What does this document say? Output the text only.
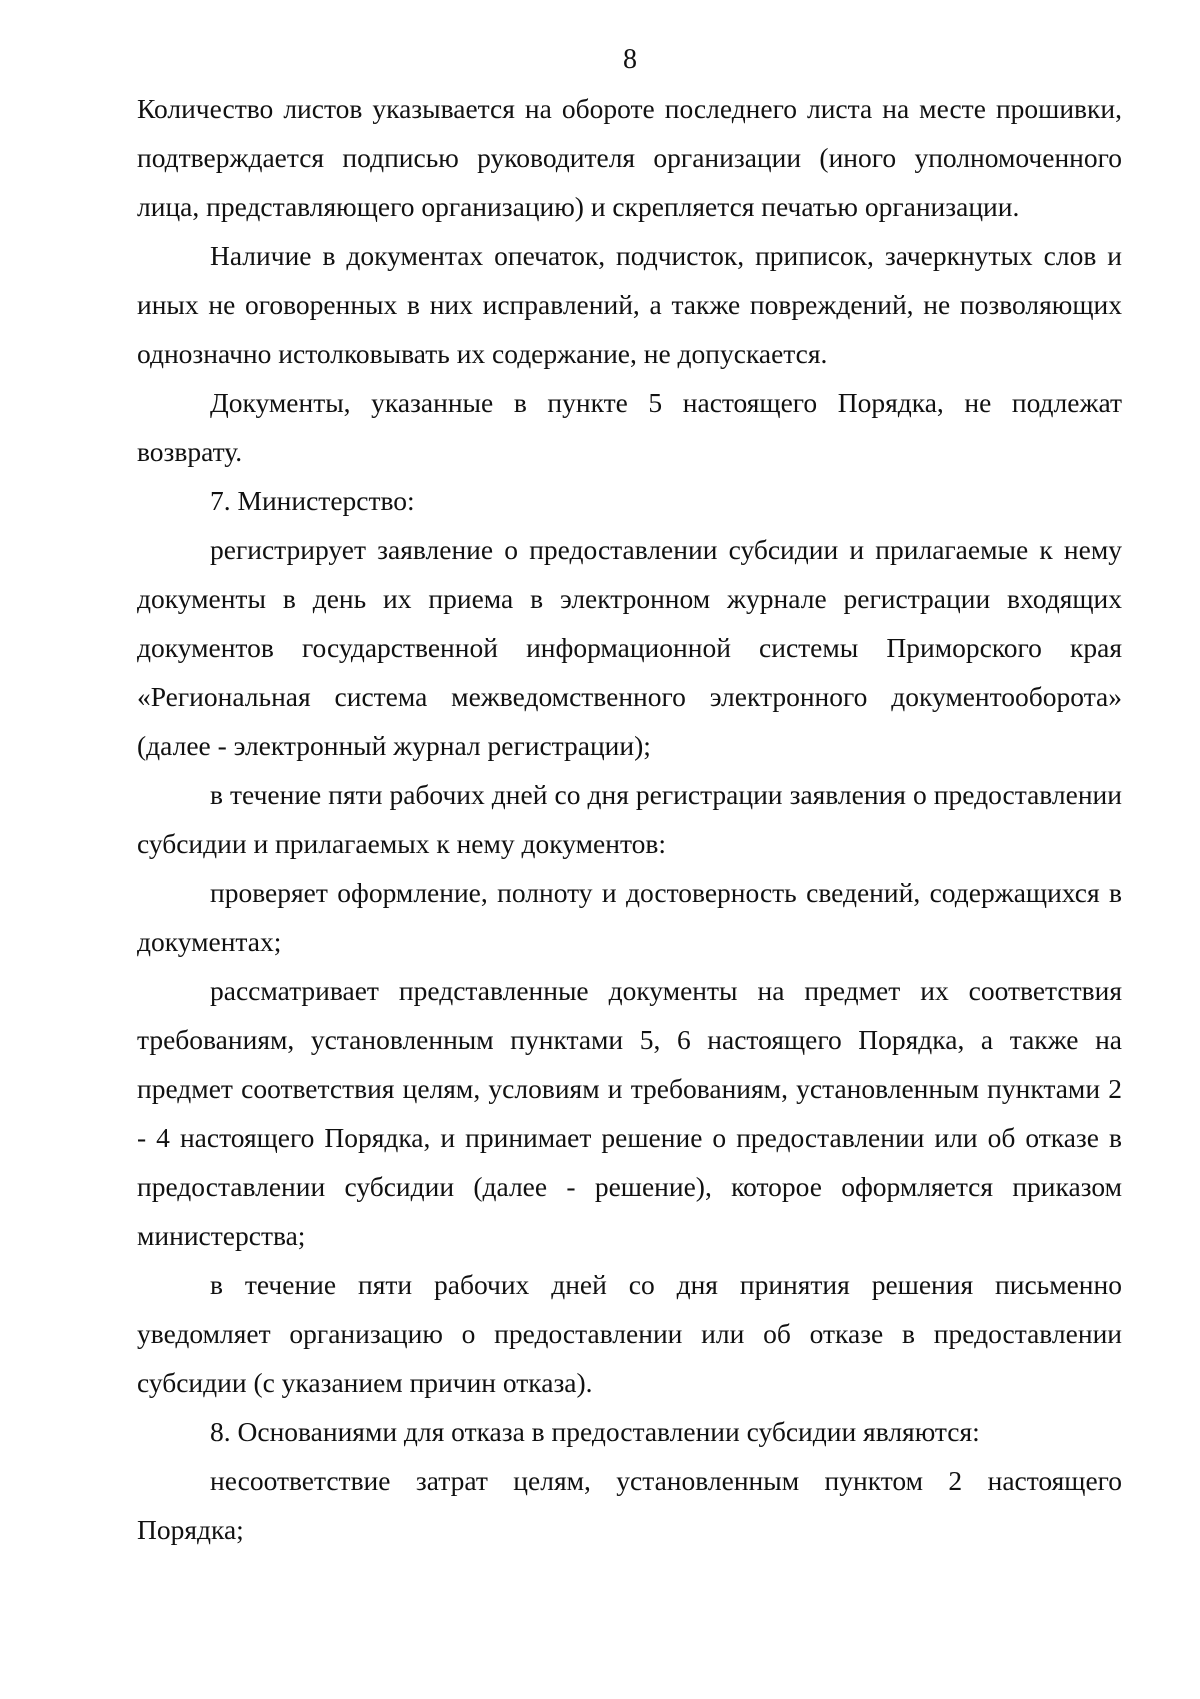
8

Количество листов указывается на обороте последнего листа на месте прошивки, подтверждается подписью руководителя организации (иного уполномоченного лица, представляющего организацию) и скрепляется печатью организации.

Наличие в документах опечаток, подчисток, приписок, зачеркнутых слов и иных не оговоренных в них исправлений, а также повреждений, не позволяющих однозначно истолковывать их содержание, не допускается.

Документы, указанные в пункте 5 настоящего Порядка, не подлежат возврату.

7. Министерство:

регистрирует заявление о предоставлении субсидии и прилагаемые к нему документы в день их приема в электронном журнале регистрации входящих документов государственной информационной системы Приморского края «Региональная система межведомственного электронного документооборота» (далее - электронный журнал регистрации);

в течение пяти рабочих дней со дня регистрации заявления о предоставлении субсидии и прилагаемых к нему документов:

проверяет оформление, полноту и достоверность сведений, содержащихся в документах;

рассматривает представленные документы на предмет их соответствия требованиям, установленным пунктами 5, 6 настоящего Порядка, а также на предмет соответствия целям, условиям и требованиям, установленным пунктами 2 - 4 настоящего Порядка, и принимает решение о предоставлении или об отказе в предоставлении субсидии (далее - решение), которое оформляется приказом министерства;

в течение пяти рабочих дней со дня принятия решения письменно уведомляет организацию о предоставлении или об отказе в предоставлении субсидии (с указанием причин отказа).

8. Основаниями для отказа в предоставлении субсидии являются:

несоответствие затрат целям, установленным пунктом 2 настоящего Порядка;
